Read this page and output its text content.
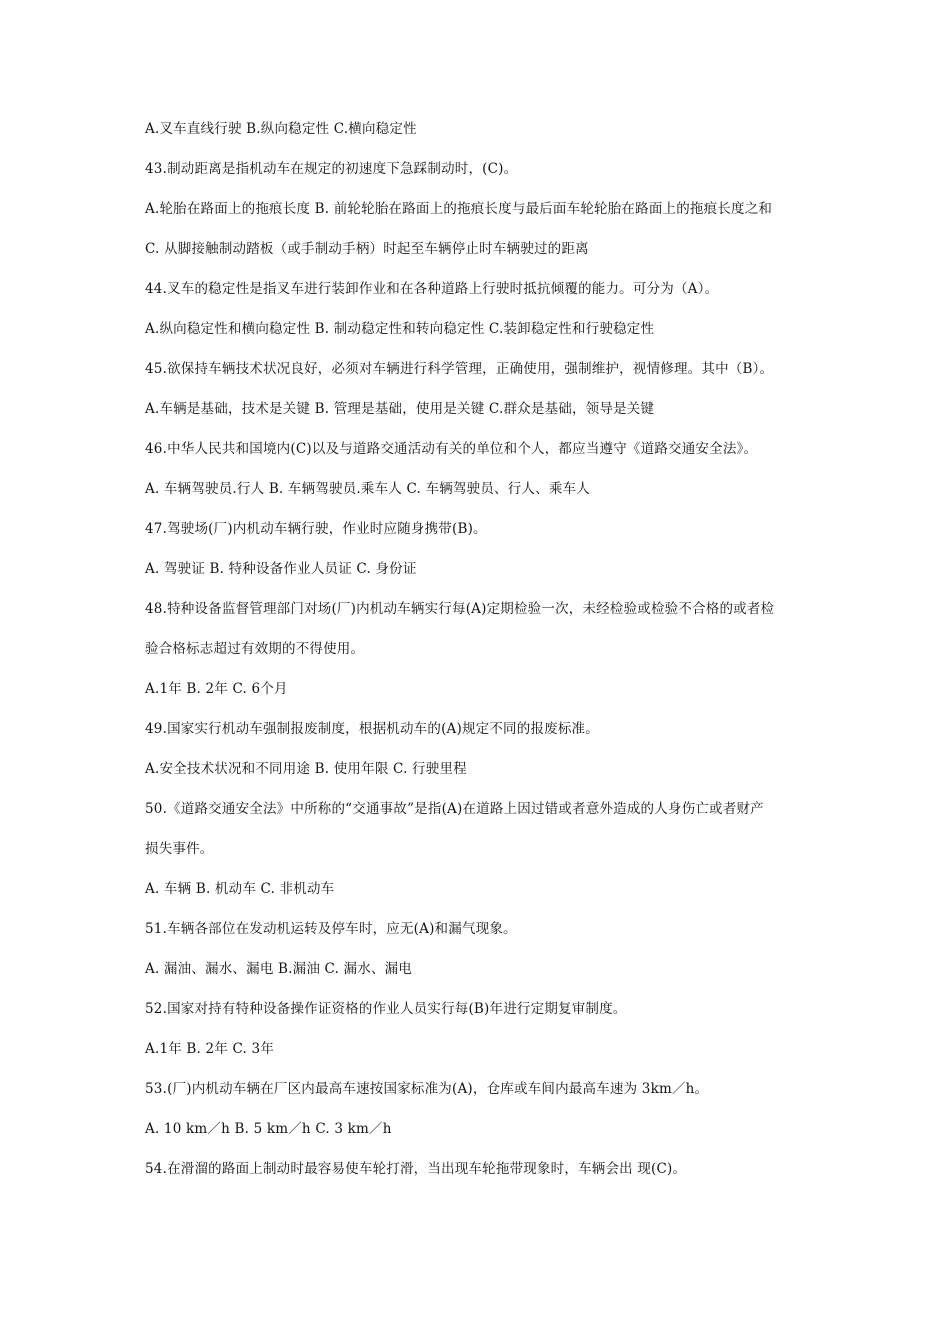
A.叉车直线行驶 B.纵向稳定性 C.横向稳定性
43.制动距离是指机动车在规定的初速度下急踩制动时，(C)。
A.轮胎在路面上的拖痕长度 B. 前轮轮胎在路面上的拖痕长度与最后面车轮轮胎在路面上的拖痕长度之和
C. 从脚接触制动踏板（或手制动手柄）时起至车辆停止时车辆驶过的距离
44.叉车的稳定性是指叉车进行装卸作业和在各种道路上行驶时抵抗倾覆的能力。可分为（A）。
A.纵向稳定性和横向稳定性 B. 制动稳定性和转向稳定性 C.装卸稳定性和行驶稳定性
45.欲保持车辆技术状况良好，必须对车辆进行科学管理，正确使用，强制维护，视情修理。其中（B）。
A.车辆是基础，技术是关键 B. 管理是基础，使用是关键 C.群众是基础，领导是关键
46.中华人民共和国境内(C)以及与道路交通活动有关的单位和个人，都应当遵守《道路交通安全法》。
A. 车辆驾驶员.行人 B. 车辆驾驶员.乘车人 C. 车辆驾驶员、行人、乘车人
47.驾驶场(厂)内机动车辆行驶，作业时应随身携带(B)。
A. 驾驶证 B. 特种设备作业人员证 C. 身份证
48.特种设备监督管理部门对场(厂)内机动车辆实行每(A)定期检验一次，未经检验或检验不合格的或者检
验合格标志超过有效期的不得使用。
A.1年 B. 2年 C. 6个月
49.国家实行机动车强制报废制度，根据机动车的(A)规定不同的报废标准。
A.安全技术状况和不同用途 B. 使用年限 C. 行驶里程
50.《道路交通安全法》中所称的“交通事故”是指(A)在道路上因过错或者意外造成的人身伤亡或者财产
损失事件。
A. 车辆 B. 机动车 C. 非机动车
51.车辆各部位在发动机运转及停车时，应无(A)和漏气现象。
A. 漏油、漏水、漏电 B.漏油 C. 漏水、漏电
52.国家对持有特种设备操作证资格的作业人员实行每(B)年进行定期复审制度。
A.1年 B. 2年 C. 3年
53.(厂)内机动车辆在厂区内最高车速按国家标准为(A)，仓库或车间内最高车速为 3km／h。
A. 10 km／h B. 5 km／h C. 3 km／h
54.在滑溜的路面上制动时最容易使车轮打滑，当出现车轮拖带现象时，车辆会出 现(C)。
